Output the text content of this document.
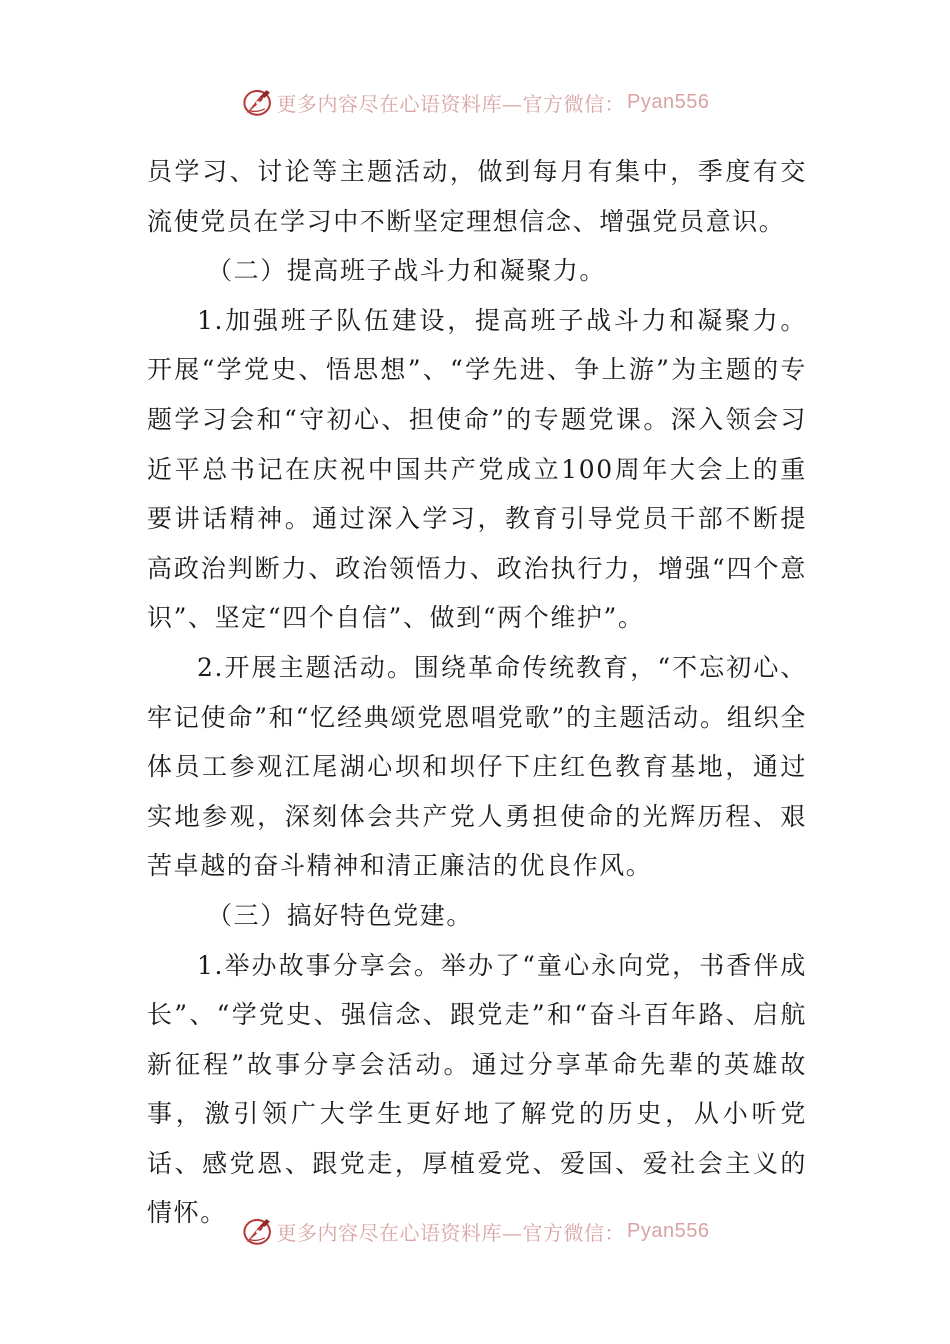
更多内容尽在心语资料库—官方微信： Pyan556

员学习、讨论等主题活动，做到每月有集中，季度有交流使党员在学习中不断坚定理想信念、增强党员意识。

（二）提高班子战斗力和凝聚力。

1.加强班子队伍建设，提高班子战斗力和凝聚力。开展“学党史、悟思想”、“学先进、争上游”为主题的专题学习会和“守初心、担使命”的专题党课。深入领会习近平总书记在庆祝中国共产党成立100周年大会上的重要讲话精神。通过深入学习，教育引导党员干部不断提高政治判断力、政治领悟力、政治执行力，增强“四个意识”、坚定“四个自信”、做到“两个维护”。

2.开展主题活动。围绕革命传统教育，“不忘初心、牢记使命”和“忆经典颂党恩唱党歌”的主题活动。组织全体员工参观江尾湖心坝和坝仔下庄红色教育基地，通过实地参观，深刻体会共产党人勇担使命的光辉历程、艰苦卓越的奋斗精神和清正廉洁的优良作风。

（三）搞好特色党建。

1.举办故事分享会。举办了“童心永向党，书香伴成长”、“学党史、强信念、跟党走”和“奋斗百年路、启航新征程”故事分享会活动。通过分享革命先辈的英雄故事，激引领广大学生更好地了解党的历史，从小听党话、感党恩、跟党走，厚植爱党、爱国、爱社会主义的情怀。

更多内容尽在心语资料库—官方微信： Pyan556
